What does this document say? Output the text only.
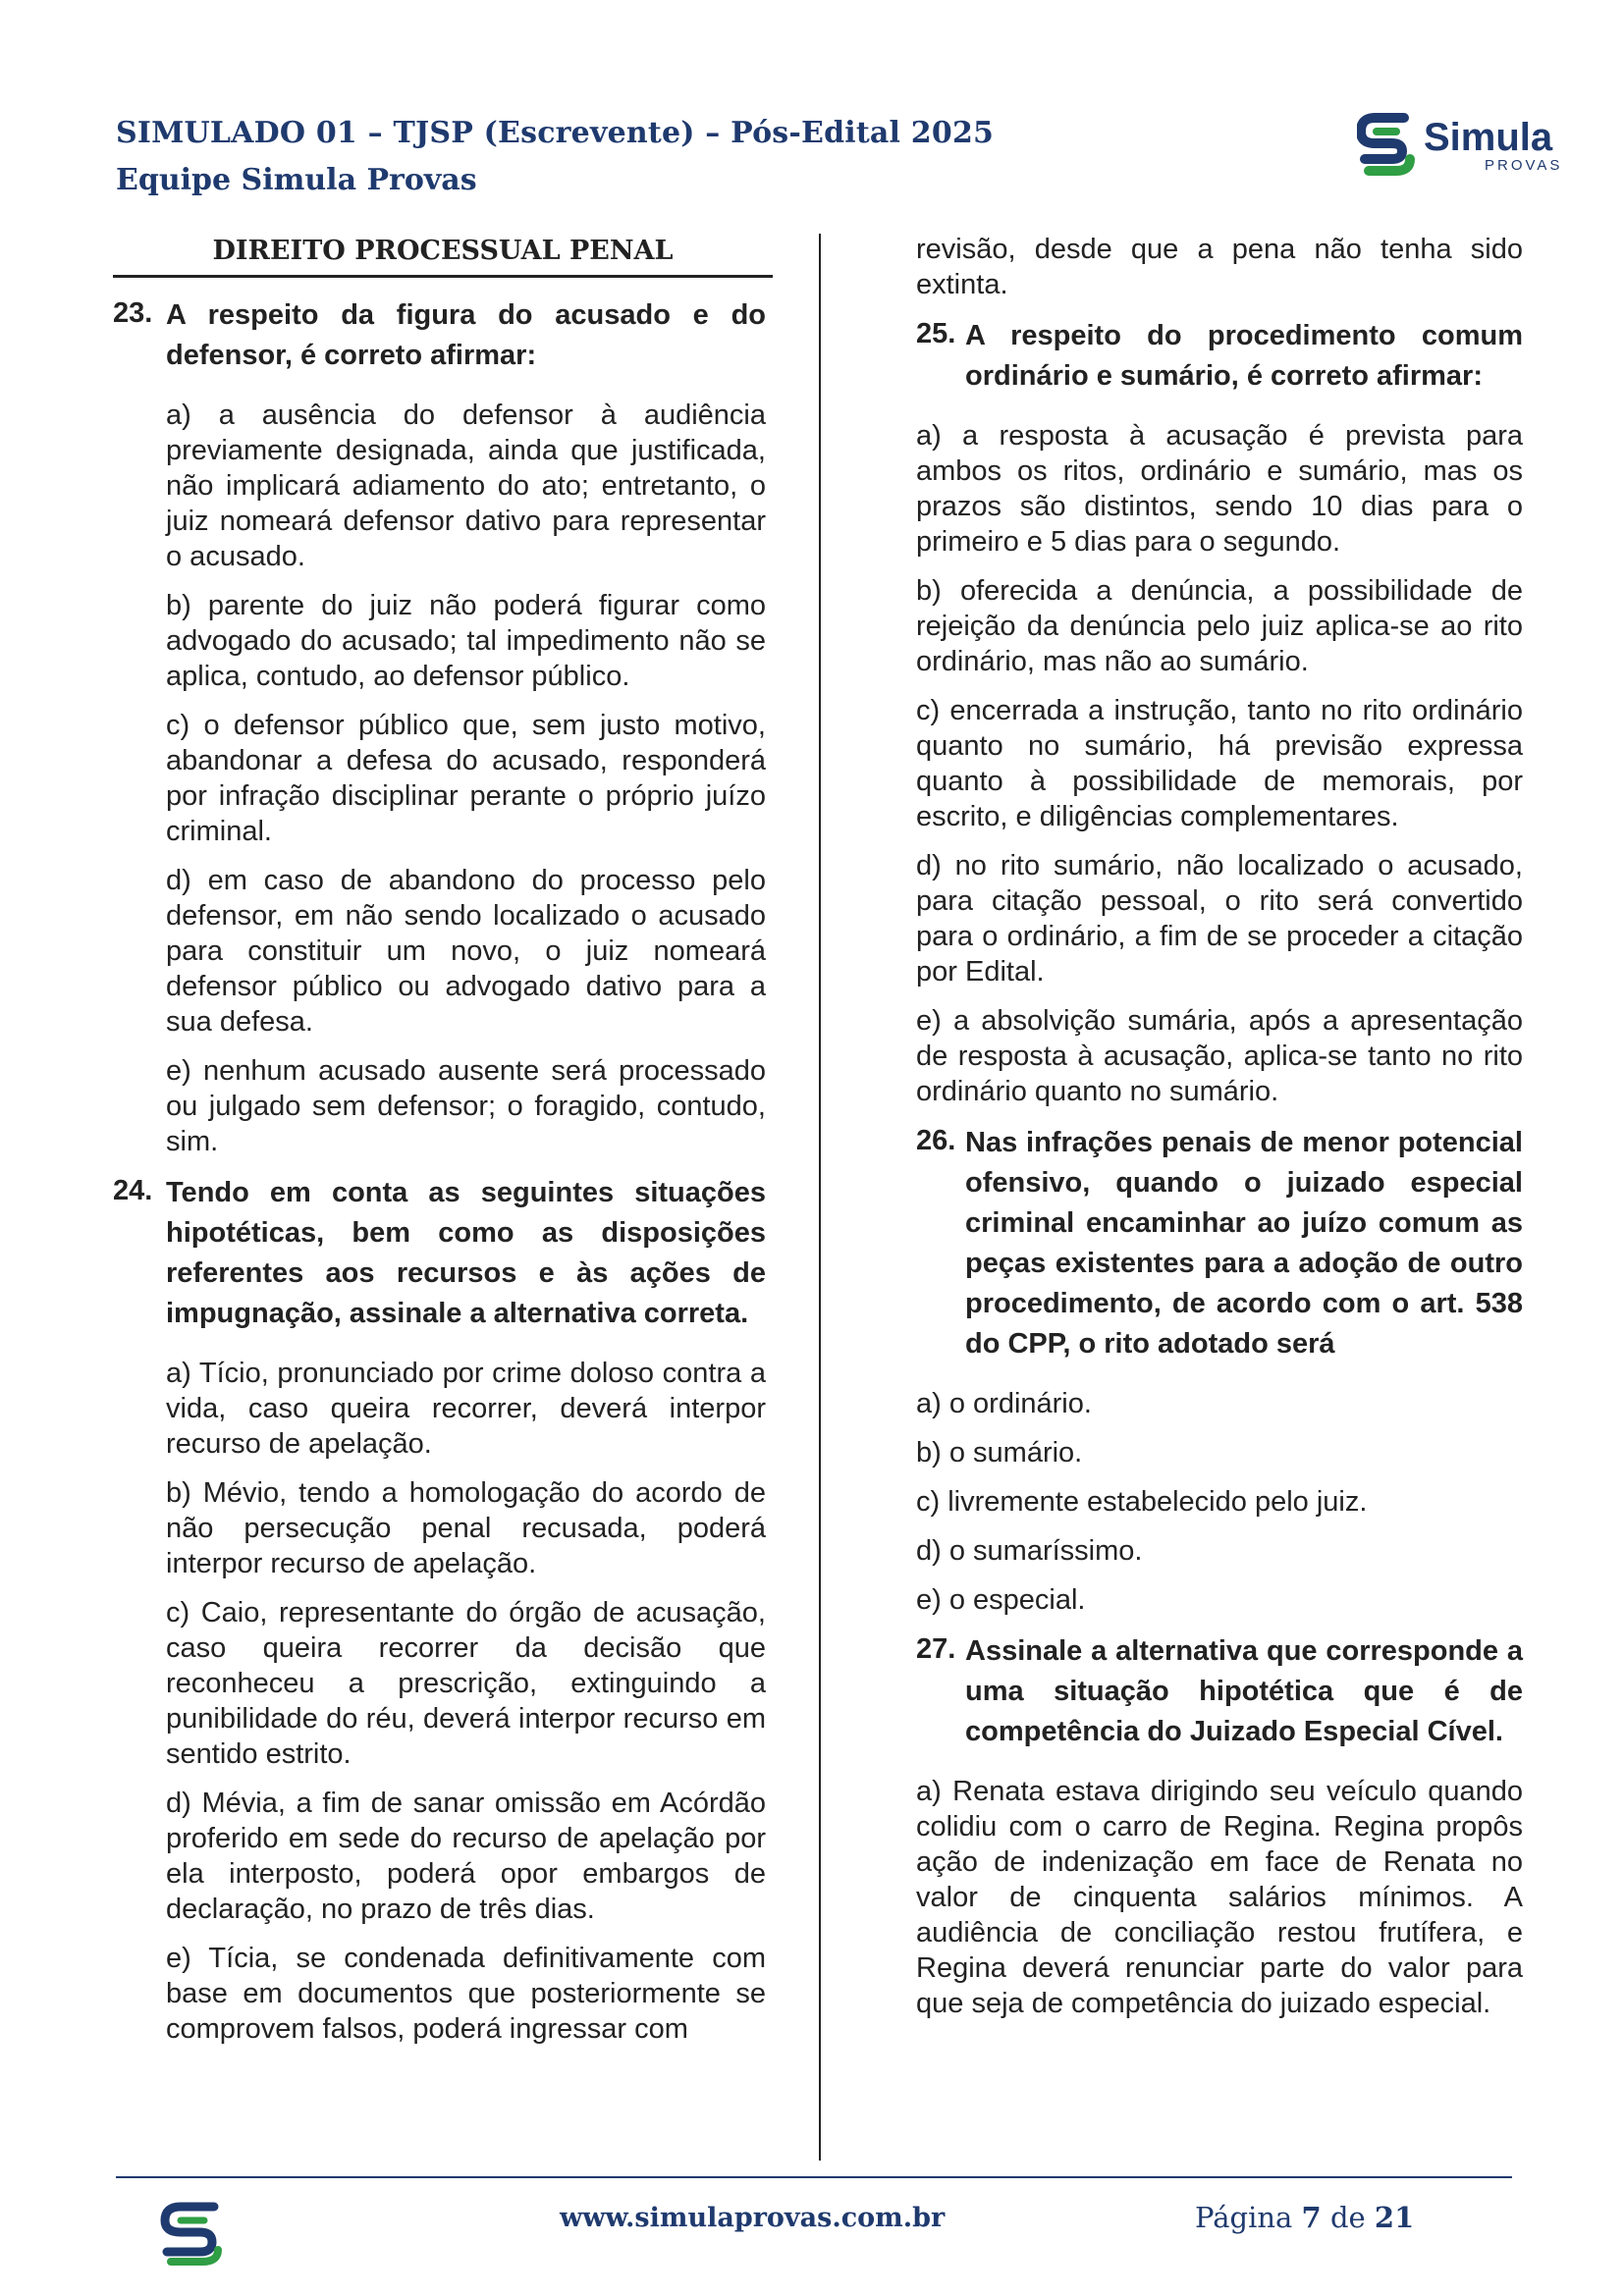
SIMULADO 01 – TJSP (Escrevente) – Pós-Edital 2025
Equipe Simula Provas
Simula
PROVAS
DIREITO PROCESSUAL PENAL
23. A respeito da figura do acusado e do defensor, é correto afirmar:
a) a ausência do defensor à audiência previamente designada, ainda que justificada, não implicará adiamento do ato; entretanto, o juiz nomeará defensor dativo para representar o acusado.
b) parente do juiz não poderá figurar como advogado do acusado; tal impedimento não se aplica, contudo, ao defensor público.
c) o defensor público que, sem justo motivo, abandonar a defesa do acusado, responderá por infração disciplinar perante o próprio juízo criminal.
d) em caso de abandono do processo pelo defensor, em não sendo localizado o acusado para constituir um novo, o juiz nomeará defensor público ou advogado dativo para a sua defesa.
e) nenhum acusado ausente será processado ou julgado sem defensor; o foragido, contudo, sim.
24. Tendo em conta as seguintes situações hipotéticas, bem como as disposições referentes aos recursos e às ações de impugnação, assinale a alternativa correta.
a) Tício, pronunciado por crime doloso contra a vida, caso queira recorrer, deverá interpor recurso de apelação.
b) Mévio, tendo a homologação do acordo de não persecução penal recusada, poderá interpor recurso de apelação.
c) Caio, representante do órgão de acusação, caso queira recorrer da decisão que reconheceu a prescrição, extinguindo a punibilidade do réu, deverá interpor recurso em sentido estrito.
d) Mévia, a fim de sanar omissão em Acórdão proferido em sede do recurso de apelação por ela interposto, poderá opor embargos de declaração, no prazo de três dias.
e) Tícia, se condenada definitivamente com base em documentos que posteriormente se comprovem falsos, poderá ingressar com
revisão, desde que a pena não tenha sido extinta.
25. A respeito do procedimento comum ordinário e sumário, é correto afirmar:
a) a resposta à acusação é prevista para ambos os ritos, ordinário e sumário, mas os prazos são distintos, sendo 10 dias para o primeiro e 5 dias para o segundo.
b) oferecida a denúncia, a possibilidade de rejeição da denúncia pelo juiz aplica-se ao rito ordinário, mas não ao sumário.
c) encerrada a instrução, tanto no rito ordinário quanto no sumário, há previsão expressa quanto à possibilidade de memorais, por escrito, e diligências complementares.
d) no rito sumário, não localizado o acusado, para citação pessoal, o rito será convertido para o ordinário, a fim de se proceder a citação por Edital.
e) a absolvição sumária, após a apresentação de resposta à acusação, aplica-se tanto no rito ordinário quanto no sumário.
26. Nas infrações penais de menor potencial ofensivo, quando o juizado especial criminal encaminhar ao juízo comum as peças existentes para a adoção de outro procedimento, de acordo com o art. 538 do CPP, o rito adotado será
a) o ordinário.
b) o sumário.
c) livremente estabelecido pelo juiz.
d) o sumaríssimo.
e) o especial.
27. Assinale a alternativa que corresponde a uma situação hipotética que é de competência do Juizado Especial Cível.
a) Renata estava dirigindo seu veículo quando colidiu com o carro de Regina. Regina propôs ação de indenização em face de Renata no valor de cinquenta salários mínimos. A audiência de conciliação restou frutífera, e Regina deverá renunciar parte do valor para que seja de competência do juizado especial.
www.simulaprovas.com.br	Página 7 de 21
